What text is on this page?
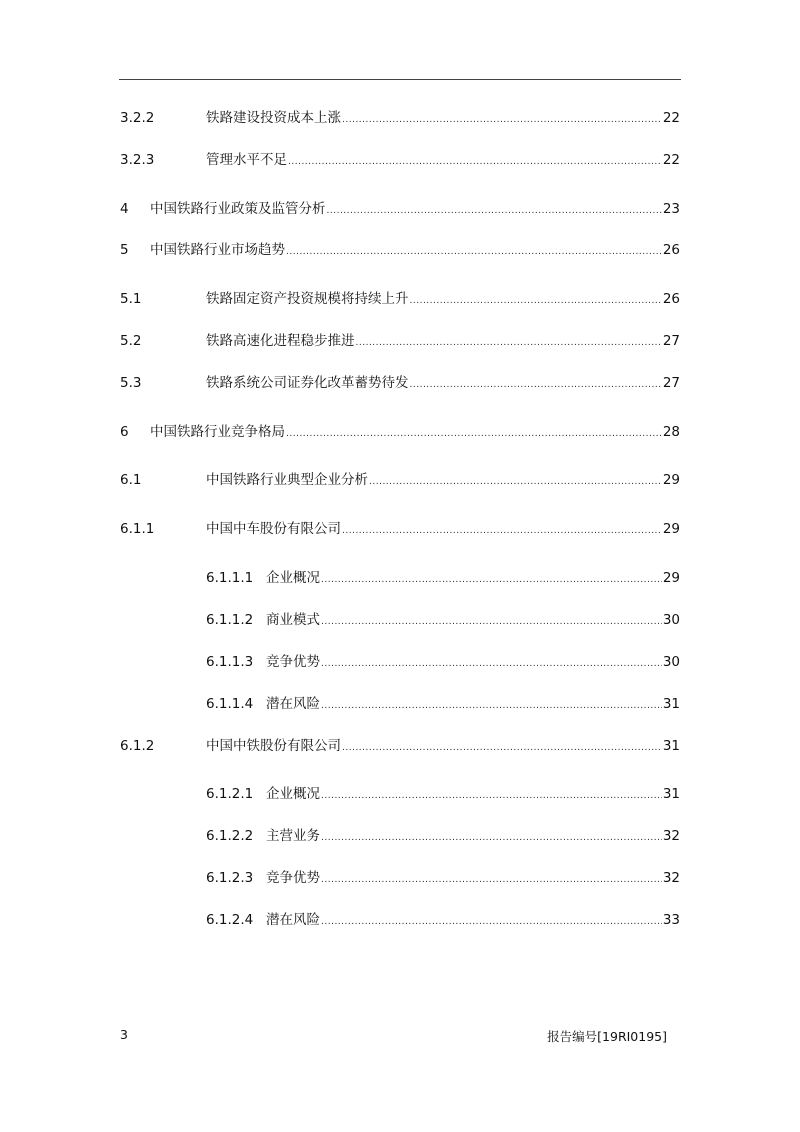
3.2.2	铁路建设投资成本上涨 .....	22
3.2.3	管理水平不足 .....	22
4 中国铁路行业政策及监管分析 .....	23
5 中国铁路行业市场趋势 .....	26
5.1	铁路固定资产投资规模将持续上升 .....	26
5.2	铁路高速化进程稳步推进 .....	27
5.3	铁路系统公司证券化改革蓄势待发 .....	27
6 中国铁路行业竞争格局 .....	28
6.1	中国铁路行业典型企业分析 .....	29
6.1.1	中国中车股份有限公司 .....	29
6.1.1.1 企业概况 .....	29
6.1.1.2 商业模式 .....	30
6.1.1.3 竞争优势 .....	30
6.1.1.4 潜在风险 .....	31
6.1.2	中国中铁股份有限公司 .....	31
6.1.2.1 企业概况 .....	31
6.1.2.2 主营业务 .....	32
6.1.2.3 竞争优势 .....	32
6.1.2.4 潜在风险 .....	33
3	报告编号[19RI0195]
